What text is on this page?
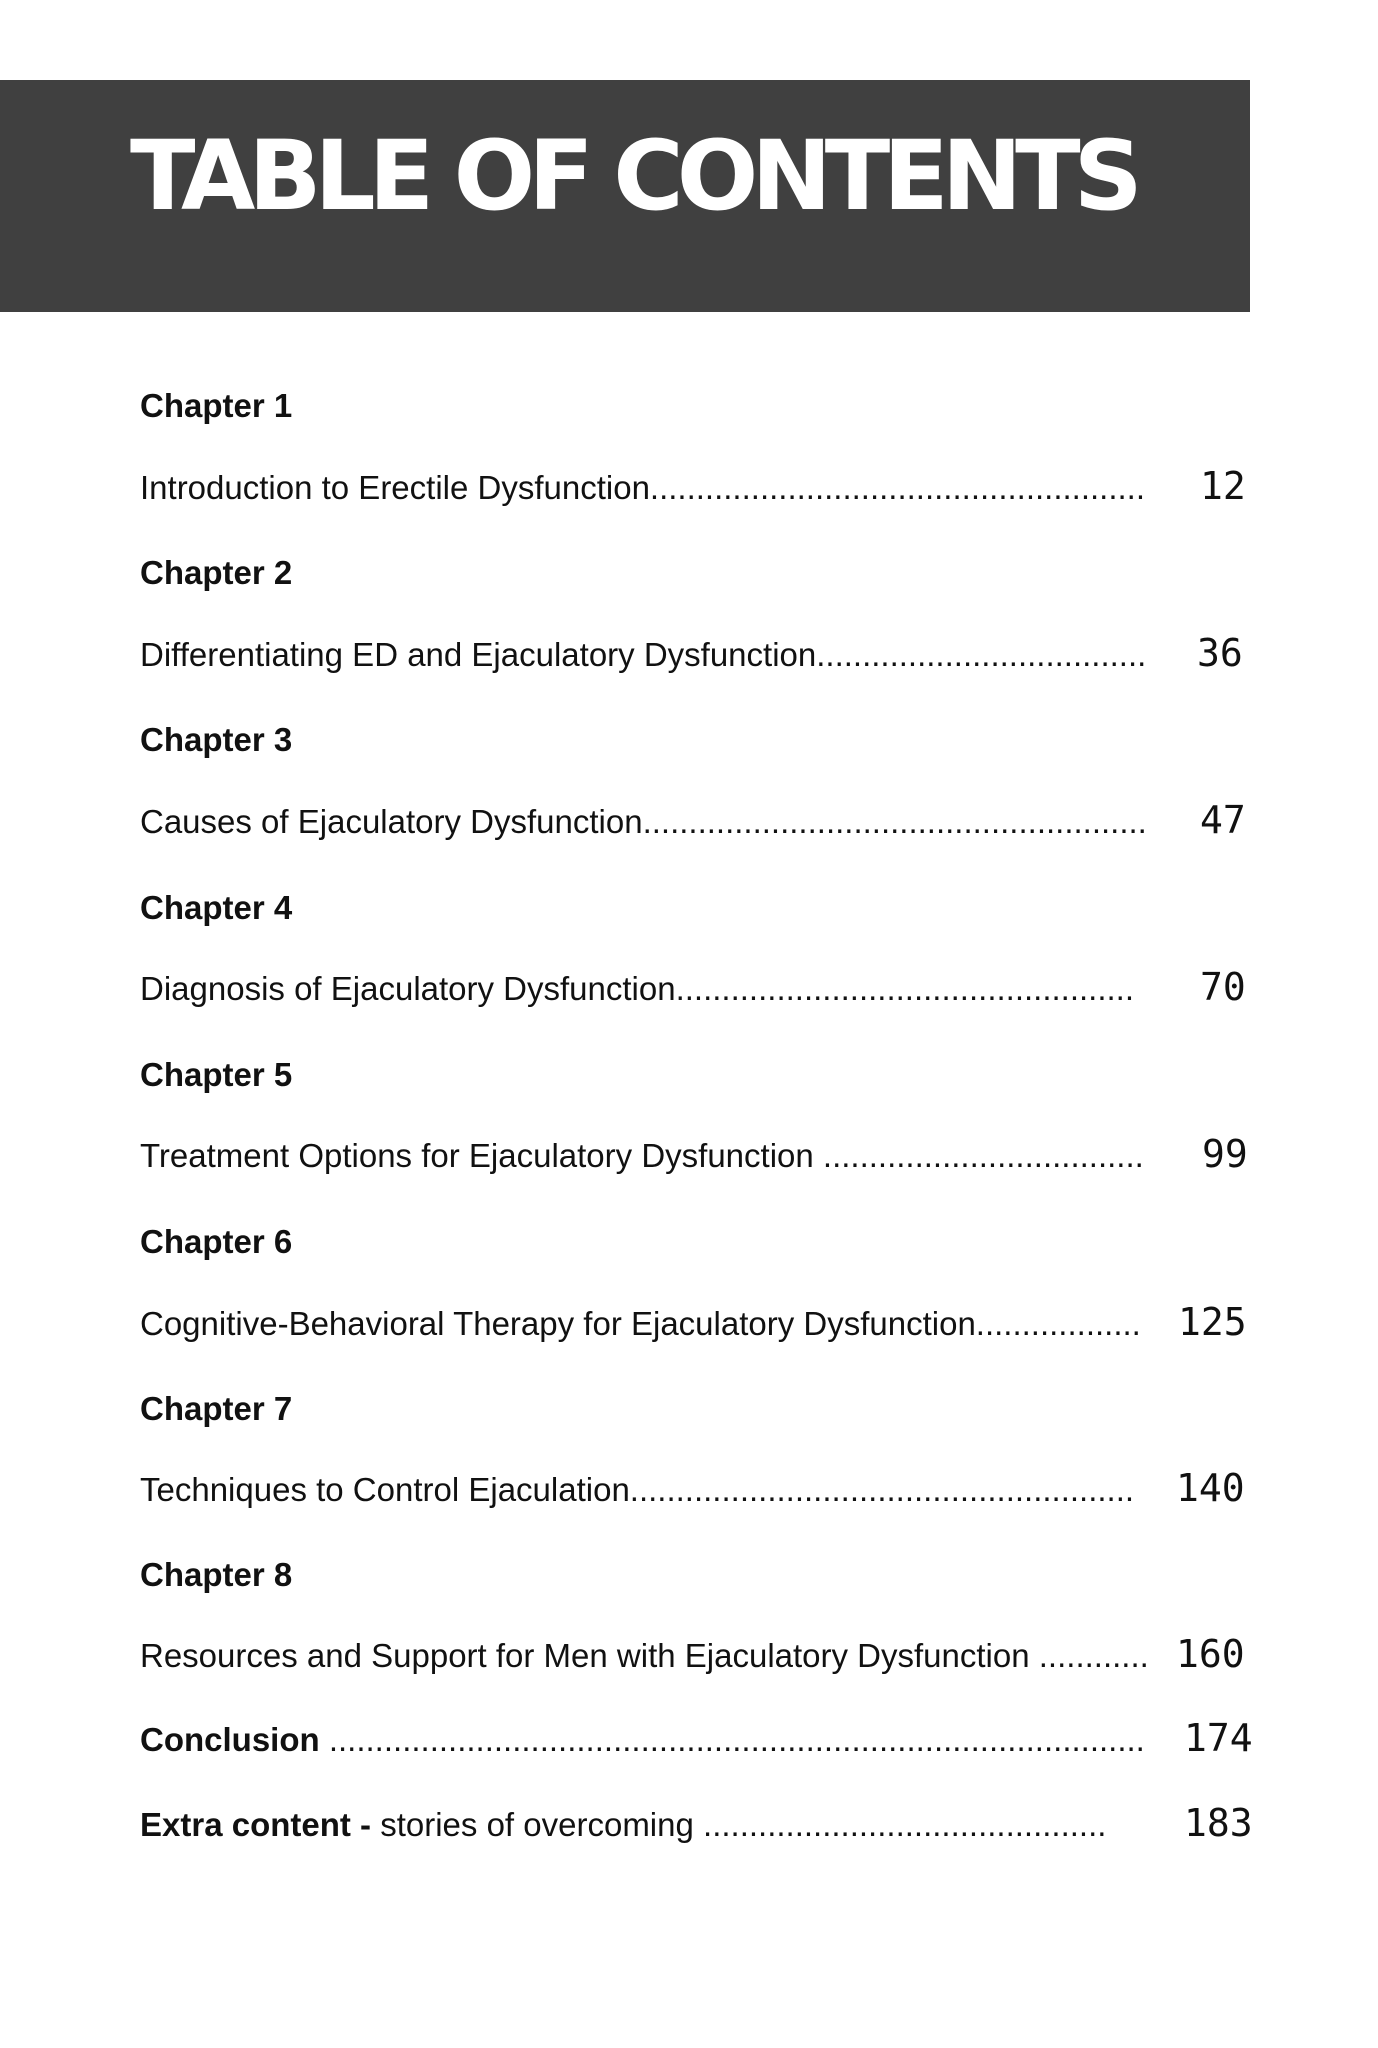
TABLE OF CONTENTS
Chapter 1
Introduction to Erectile Dysfunction......................................................	12
Chapter 2
Differentiating ED and Ejaculatory Dysfunction....................................	36
Chapter 3
Causes of Ejaculatory Dysfunction.......................................................	47
Chapter 4
Diagnosis of Ejaculatory Dysfunction..................................................	70
Chapter 5
Treatment Options for Ejaculatory Dysfunction ...................................	99
Chapter 6
Cognitive-Behavioral Therapy for Ejaculatory Dysfunction.................. 125
Chapter 7
Techniques to Control Ejaculation.......................................................	140
Chapter 8
Resources and Support for Men with Ejaculatory Dysfunction ............ 160
Conclusion .........................................................................................	174
Extra content - stories of overcoming ............................................	183
